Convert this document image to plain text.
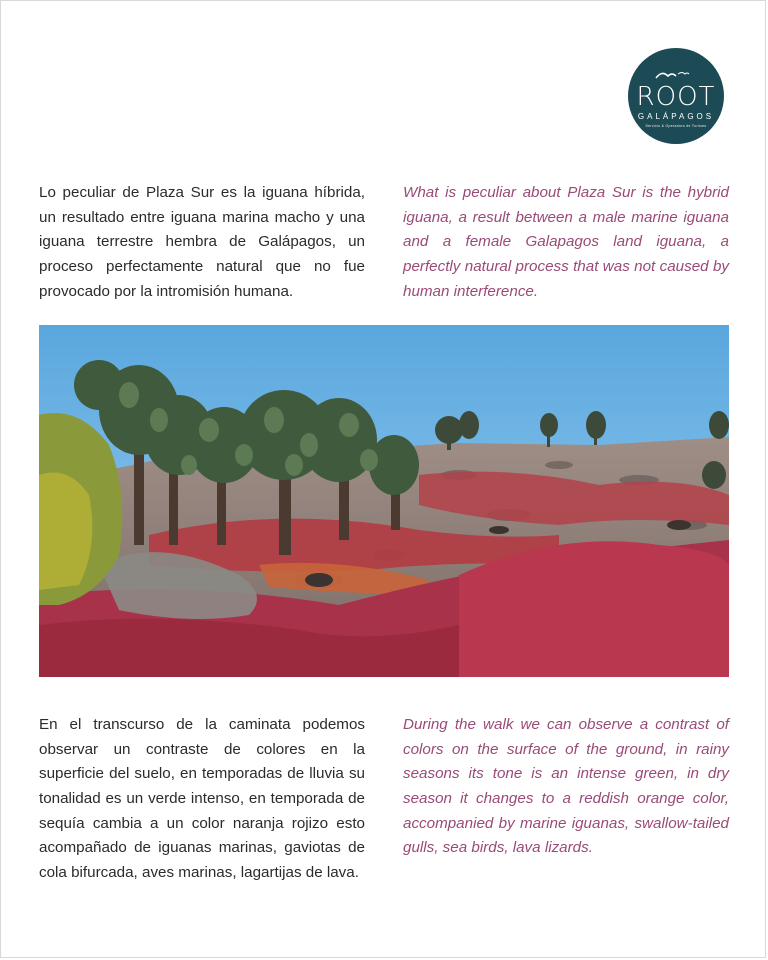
ROOT
GALÁPAGOS
Servicio & Operadora de Turismo

Lo peculiar de Plaza Sur es la iguana híbrida, un resultado entre iguana marina macho y una iguana terrestre hembra de Galápagos, un proceso perfectamente natural que no fue provocado por la intromisión humana.

What is peculiar about Plaza Sur is the hybrid iguana, a result between a male marine iguana and a female Galapagos land iguana, a perfectly natural process that was not caused by human interference.

En el transcurso de la caminata podemos observar un contraste de colores en la superficie del suelo, en temporadas de lluvia su tonalidad es un verde intenso, en temporada de sequía cambia a un color naranja rojizo esto acompañado de iguanas marinas, gaviotas de cola bifurcada, aves marinas, lagartijas de lava.

During the walk we can observe a contrast of colors on the surface of the ground, in rainy seasons its tone is an intense green, in dry season it changes to a reddish orange color, accompanied by marine iguanas, swallow-tailed gulls, sea birds, lava lizards.
